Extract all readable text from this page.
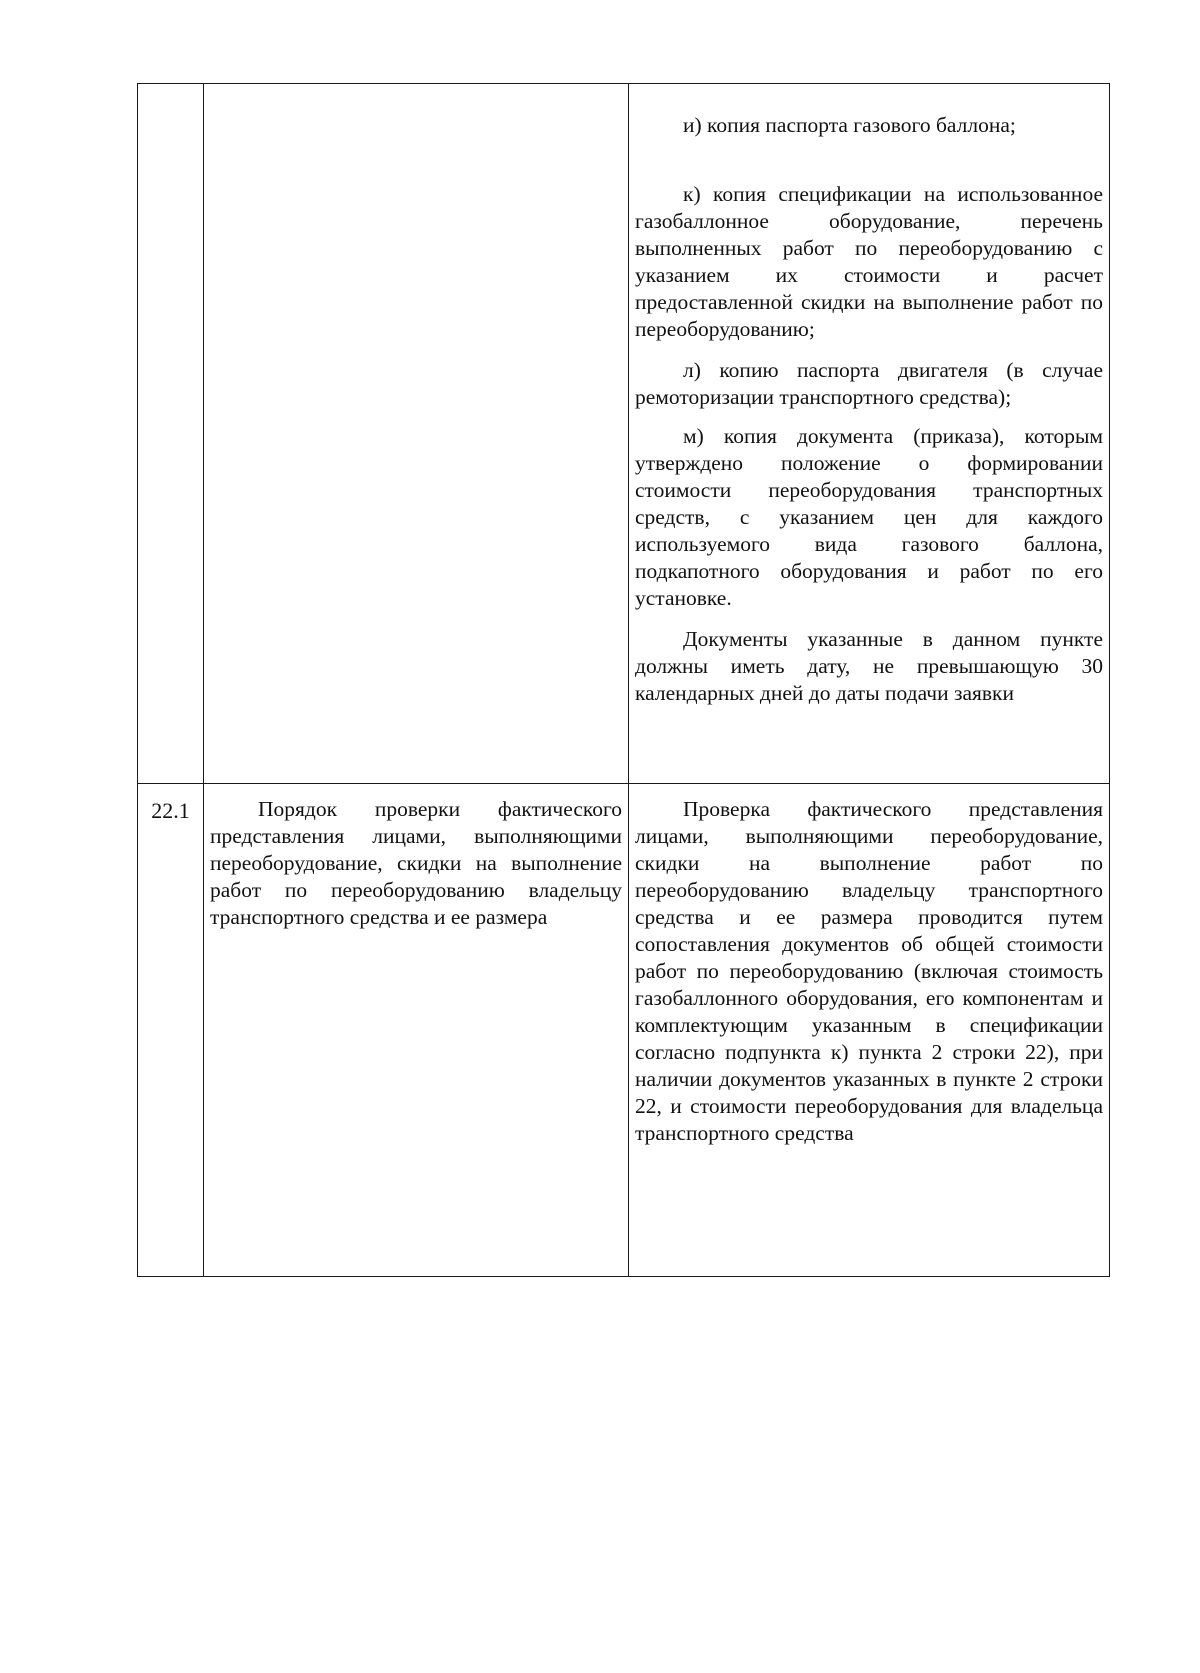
		и) копия паспорта газового баллона;

к) копия спецификации на использованное газобаллонное оборудование, перечень выполненных работ по переоборудованию с указанием их стоимости и расчет предоставленной скидки на выполнение работ по переоборудованию;

л) копию паспорта двигателя (в случае ремоторизации транспортного средства);

м) копия документа (приказа), которым утверждено положение о формировании стоимости переоборудования транспортных средств, с указанием цен для каждого используемого вида газового баллона, подкапотного оборудования и работ по его установке.

Документы указанные в данном пункте должны иметь дату, не превышающую 30 календарных дней до даты подачи заявки

22.1	Порядок проверки фактического представления лицами, выполняющими переоборудование, скидки на выполнение работ по переоборудованию владельцу транспортного средства и ее размера	Проверка фактического представления лицами, выполняющими переоборудование, скидки на выполнение работ по переоборудованию владельцу транспортного средства и ее размера проводится путем сопоставления документов об общей стоимости работ по переоборудованию (включая стоимость газобаллонного оборудования, его компонентам и комплектующим указанным в спецификации согласно подпункта к) пункта 2 строки 22), при наличии документов указанных в пункте 2 строки 22, и стоимости переоборудования для владельца транспортного средства
